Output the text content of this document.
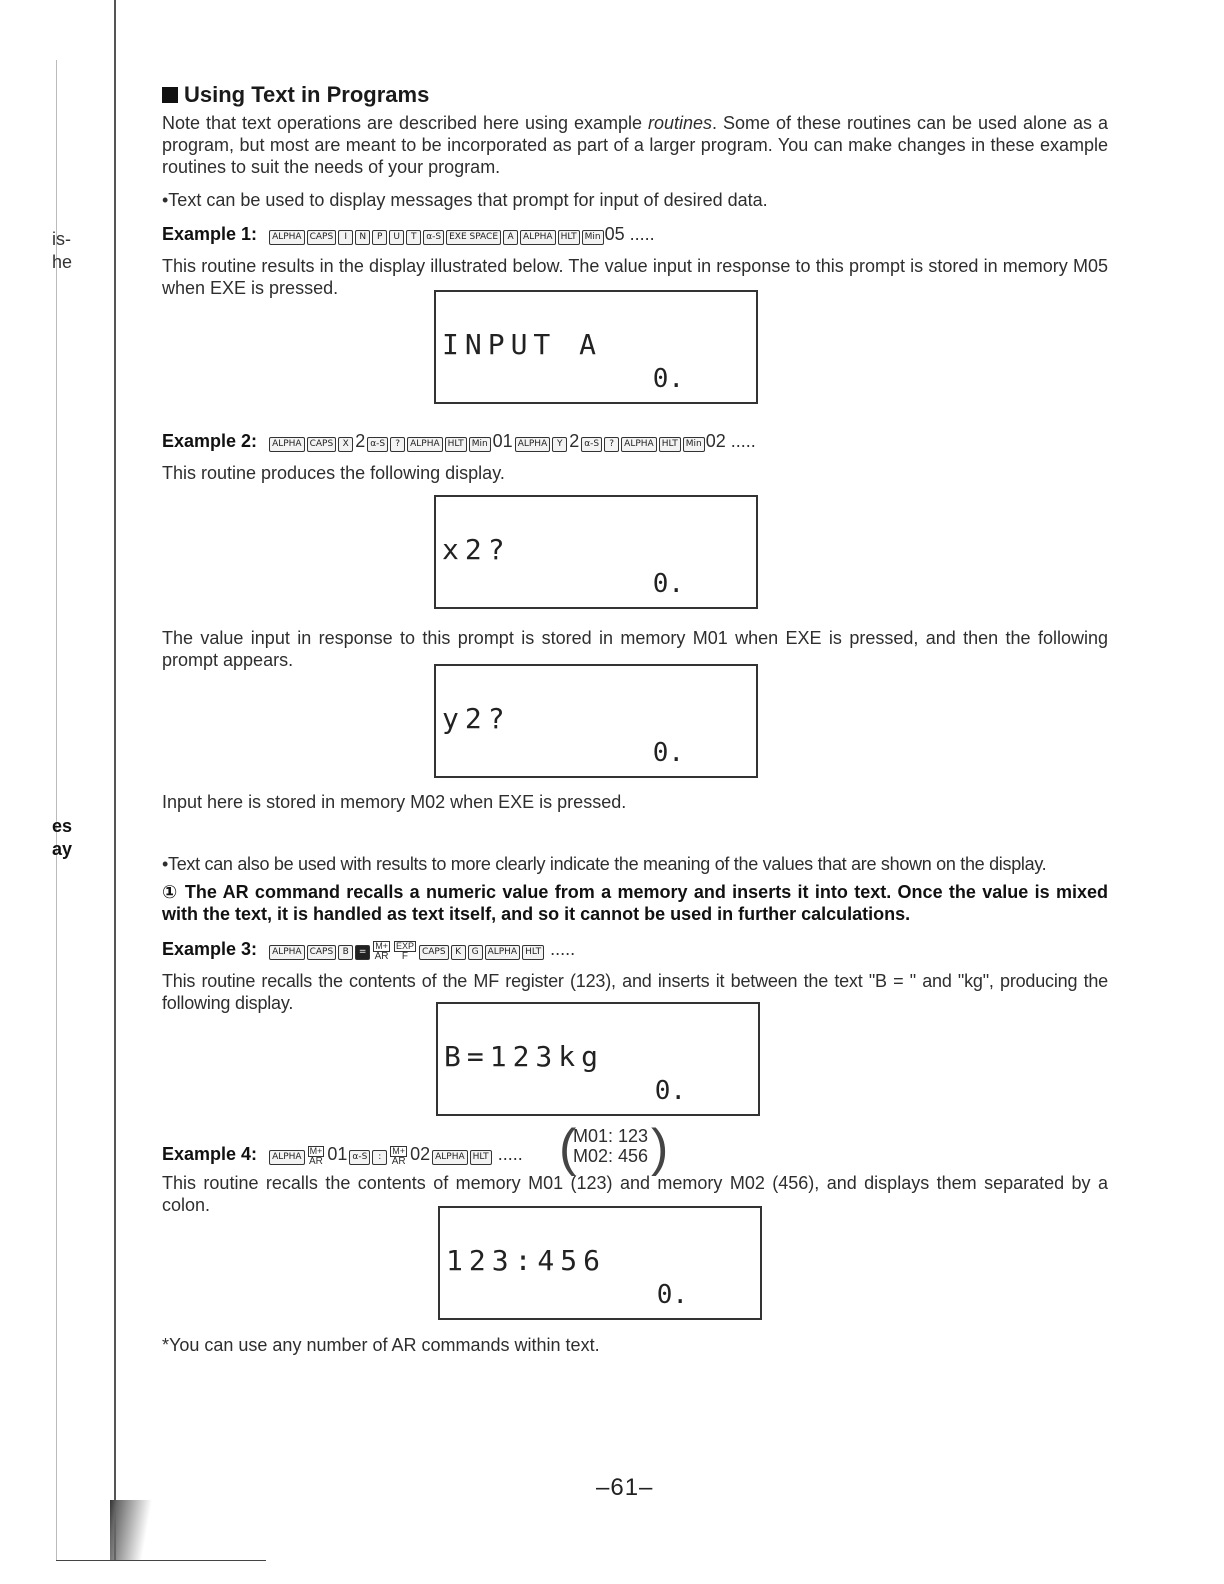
is-
he
es
ay
Using Text in Programs
Note that text operations are described here using example routines. Some of these routines can be used alone as a program, but most are meant to be incorporated as part of a larger program. You can make changes in these example routines to suit the needs of your program.
•Text can be used to display messages that prompt for input of desired data.
Example 1: ALPHA CAPS I N P U T α-S EXE SPACE A ALPHA HLT Min 05 .....
This routine results in the display illustrated below. The value input in response to this prompt is stored in memory M05 when EXE is pressed.
INPUT A
0.
Example 2: ALPHA CAPS X 2 α-S ? ALPHA HLT Min 01 ALPHA Y 2 α-S ? ALPHA HLT Min 02 .....
This routine produces the following display.
x2?
0.
The value input in response to this prompt is stored in memory M01 when EXE is pressed, and then the following prompt appears.
y2?
0.
Input here is stored in memory M02 when EXE is pressed.
•Text can also be used with results to more clearly indicate the meaning of the values that are shown on the display.
① The AR command recalls a numeric value from a memory and inserts it into text. Once the value is mixed with the text, it is handled as text itself, and so it cannot be used in further calculations.
Example 3: ALPHA CAPS $B = \frac{M+}{AR}$ EXP
F	CAPS K G ALPHA HLT .....
This routine recalls the contents of the MF register (123), and inserts it between the text "B = " and "kg", producing the following display.
B=123kg
0.
Example 4: ALPHA $\frac{M+}{AR} 01$ α-S : $\frac{M+}{AR} 02$ ALPHA HLT ..... (
M01: 123
M02: 456 )
This routine recalls the contents of memory M01 (123) and memory M02 (456), and displays them separated by a colon.
123:456
0.
*You can use any number of AR commands within text.
–61–
